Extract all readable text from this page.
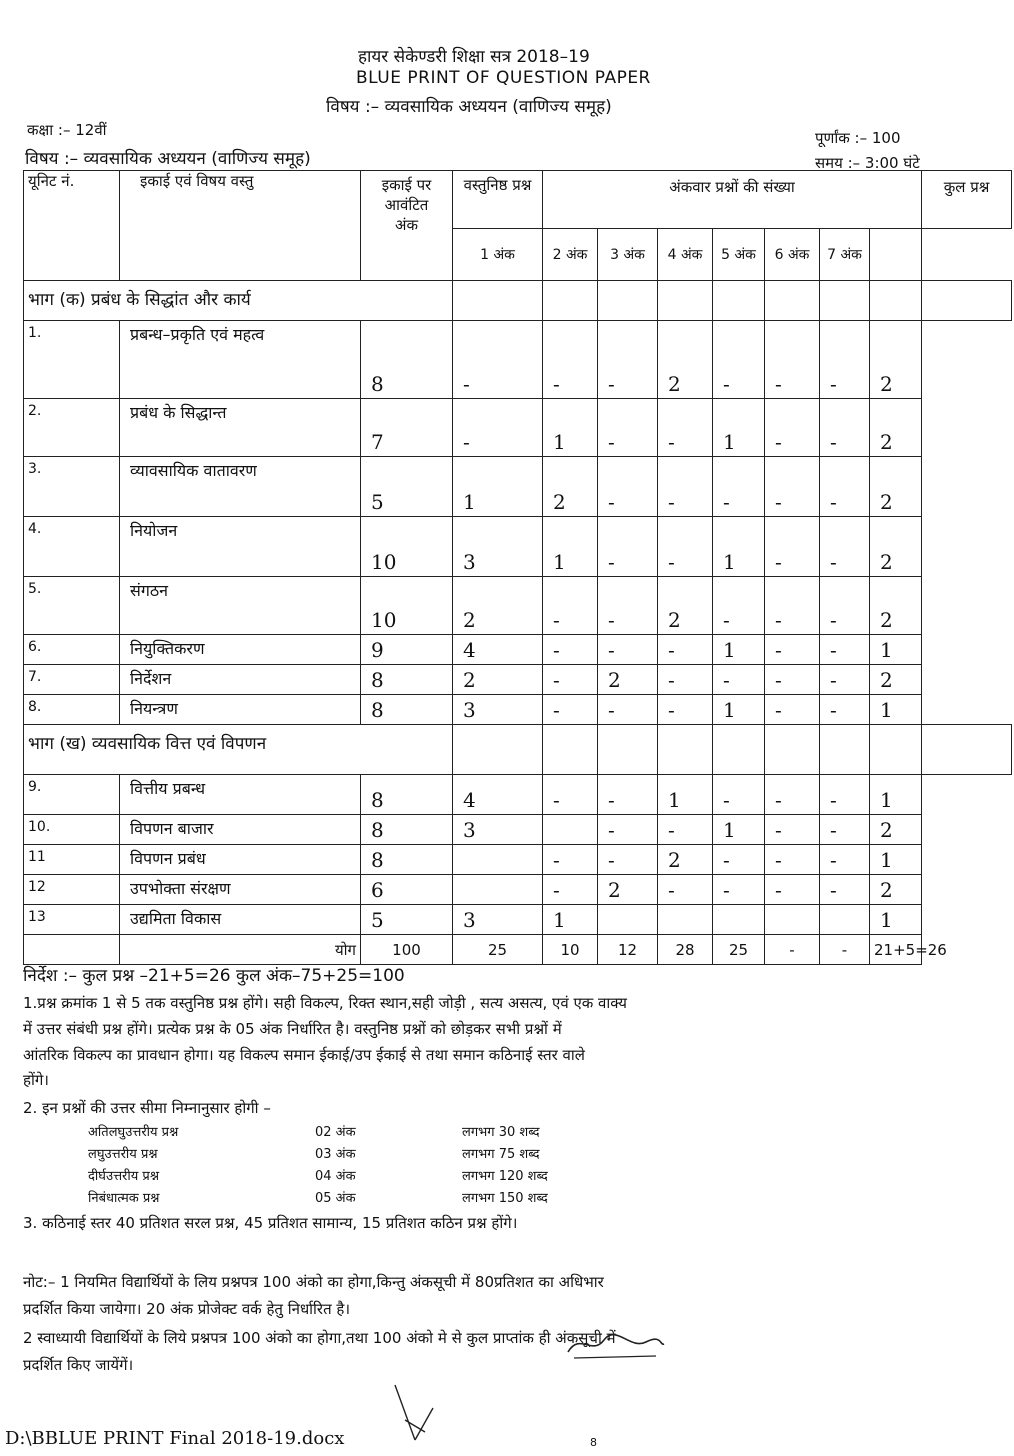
हायर सेकेण्डरी शिक्षा सत्र 2018–19
BLUE PRINT OF QUESTION PAPER
विषय :– व्यवसायिक अध्ययन (वाणिज्य समूह)
कक्षा :– 12वीं	पूर्णांक :– 100
विषय :– व्यवसायिक अध्ययन (वाणिज्य समूह)	समय :– 3:00 घंटे
यूनिट नं.	इकाई एवं विषय वस्तु	इकाई पर आवंटित अंक	वस्तुनिष्ठ प्रश्न	अंकवार प्रश्नों की संख्या							कुल प्रश्न
			1 अंक	2 अंक	3 अंक	4 अंक	5 अंक	6 अंक	7 अंक		
भाग (क) प्रबंध के सिद्धांत और कार्य											
1.	प्रबन्ध–प्रकृति एवं महत्व	8	-	-	-	2	-	-	-	2	
2.	प्रबंध के सिद्धान्त	7	-	1	-	-	1	-	-	2	
3.	व्यावसायिक वातावरण	5	1	2	-	-	-	-	-	2	
4.	नियोजन	10	3	1	-	-	1	-	-	2	
5.	संगठन	10	2	-	-	2	-	-	-	2	
6.	नियुक्तिकरण	9	4	-	-	-	1	-	-	1	
7.	निर्देशन	8	2	-	2	-	-	-	-	2	
8.	नियन्त्रण	8	3	-	-	-	1	-	-	1	
भाग (ख) व्यवसायिक वित्त एवं विपणन											
9.	वित्तीय प्रबन्ध	8	4	-	-	1	-	-	-	1	
10.	विपणन बाजार	8	3		-	-	1	-	-	2	
11	विपणन प्रबंध	8		-	-	2	-	-	-	1	
12	उपभोक्ता संरक्षण	6		-	2	-	-	-	-	2	
13	उद्यमिता विकास	5	3	1						1	
	योग	100	25	10	12	28	25	-	-	21+5=26	
निर्देश :– कुल प्रश्न –21+5=26 कुल अंक–75+25=100
1.प्रश्न क्रमांक 1 से 5 तक वस्तुनिष्ठ प्रश्न होंगे। सही विकल्प, रिक्त स्थान,सही जोड़ी , सत्य असत्य, एवं एक वाक्य
में उत्तर संबंधी प्रश्न होंगे। प्रत्येक प्रश्न के 05 अंक निर्धारित है। वस्तुनिष्ठ प्रश्नों को छोड़कर सभी प्रश्नों में
आंतरिक विकल्प का प्रावधान होगा। यह विकल्प समान ईकाई/उप ईकाई से तथा समान कठिनाई स्तर वाले
होंगे।
2. इन प्रश्नों की उत्तर सीमा निम्नानुसार होगी –
अतिलघुउत्तरीय प्रश्न	02 अंक	लगभग 30 शब्द
लघुउत्तरीय प्रश्न	03 अंक	लगभग 75 शब्द
दीर्घउत्तरीय प्रश्न	04 अंक	लगभग 120 शब्द
निबंधात्मक प्रश्न	05 अंक	लगभग 150 शब्द
3. कठिनाई स्तर 40 प्रतिशत सरल प्रश्न, 45 प्रतिशत सामान्य, 15 प्रतिशत कठिन प्रश्न होंगे।
नोट:– 1 नियमित विद्यार्थियों के लिय प्रश्नपत्र 100 अंको का होगा,किन्तु अंकसूची में 80प्रतिशत का अधिभार
प्रदर्शित किया जायेगा। 20 अंक प्रोजेक्ट वर्क हेतु निर्धारित है।
2 स्वाध्यायी विद्यार्थियों के लिये प्रश्नपत्र 100 अंको का होगा,तथा 100 अंको मे से कुल प्राप्तांक ही अंकसूची में
प्रदर्शित किए जायेंगें।
D:\BBLUE PRINT Final 2018-19.docx	8
